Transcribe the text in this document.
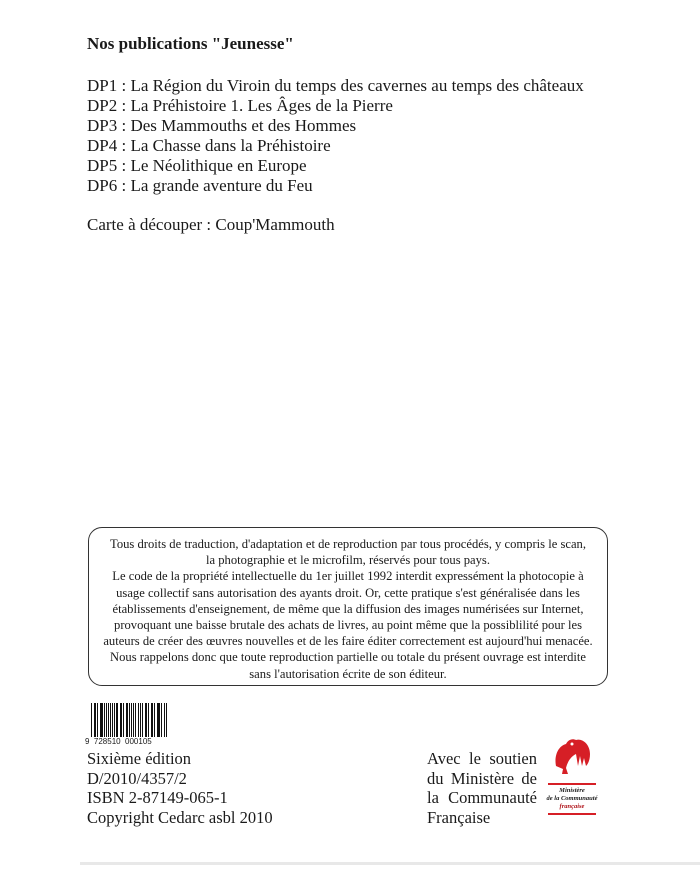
Nos publications "Jeunesse"
DP1 : La Région du Viroin du temps des cavernes au temps des châteaux
DP2 : La Préhistoire 1. Les Âges de la Pierre
DP3 : Des Mammouths et des Hommes
DP4 : La Chasse dans la Préhistoire
DP5 : Le Néolithique en Europe
DP6 : La grande aventure du Feu
Carte à découper : Coup'Mammouth
Tous droits de traduction, d'adaptation et de reproduction par tous procédés, y compris le scan,
la photographie et le microfilm, réservés pour tous pays.
Le code de la propriété intellectuelle du 1er juillet 1992 interdit expressément la photocopie à
usage collectif sans autorisation des ayants droit. Or, cette pratique s'est généralisée dans les
établissements d'enseignement, de même que la diffusion des images numérisées sur Internet,
provoquant une baisse brutale des achats de livres, au point même que la possiblilité pour les
auteurs de créer des œuvres nouvelles et de les faire éditer correctement est aujourd'hui menacée.
Nous rappelons donc que toute reproduction partielle ou totale du présent ouvrage est interdite
sans l'autorisation écrite de son éditeur.
9  728510  000105
Sixième édition
D/2010/4357/2
ISBN 2-87149-065-1
Copyright Cedarc asbl 2010
Avec le soutien
du Ministère de
la Communauté
Française
Ministère
de la Communauté
française
